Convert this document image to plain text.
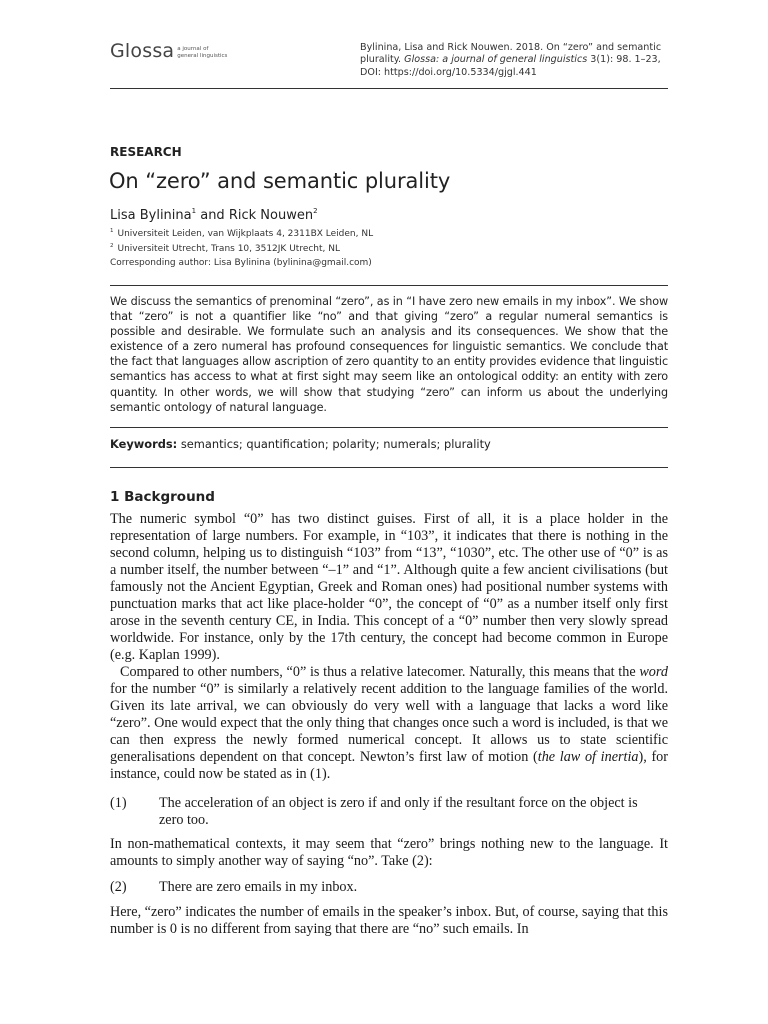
Glossa a journal of
general linguistics
Bylinina, Lisa and Rick Nouwen. 2018. On “zero” and semantic
plurality. Glossa: a journal of general linguistics 3(1): 98. 1–23,
DOI: https://doi.org/10.5334/gjgl.441
RESEARCH
On “zero” and semantic plurality
Lisa Bylinina$^1$ and Rick Nouwen$^2$
$^1$ Universiteit Leiden, van Wijkplaats 4, 2311BX Leiden, NL
$^2$ Universiteit Utrecht, Trans 10, 3512JK Utrecht, NL
Corresponding author: Lisa Bylinina (bylinina@gmail.com)
We discuss the semantics of prenominal “zero”, as in “I have zero new emails in my inbox”. We show that “zero” is not a quantifier like “no” and that giving “zero” a regular numeral semantics is possible and desirable. We formulate such an analysis and its consequences. We show that the existence of a zero numeral has profound consequences for linguistic semantics. We conclude that the fact that languages allow ascription of zero quantity to an entity provides evidence that linguistic semantics has access to what at first sight may seem like an ontological oddity: an entity with zero quantity. In other words, we will show that studying “zero” can inform us about the underlying semantic ontology of natural language.
Keywords: semantics; quantification; polarity; numerals; plurality
1 Background

The numeric symbol “0” has two distinct guises. First of all, it is a place holder in the representation of large numbers. For example, in “103”, it indicates that there is nothing in the second column, helping us to distinguish “103” from “13”, “1030”, etc. The other use of “0” is as a number itself, the number between “–1” and “1”. Although quite a few ancient civilisations (but famously not the Ancient Egyptian, Greek and Roman ones) had positional number systems with punctuation marks that act like place-holder “0”, the concept of “0” as a number itself only first arose in the seventh century CE, in India. This concept of a “0” number then very slowly spread worldwide. For instance, only by the 17th century, the concept had become common in Europe (e.g. Kaplan 1999).

Compared to other numbers, “0” is thus a relative latecomer. Naturally, this means that the word for the number “0” is similarly a relatively recent addition to the language families of the world. Given its late arrival, we can obviously do very well with a language that lacks a word like “zero”. One would expect that the only thing that changes once such a word is included, is that we can then express the newly formed numerical concept. It allows us to state scientific generalisations dependent on that concept. Newton’s first law of motion (the law of inertia), for instance, could now be stated as in (1).

(1) The acceleration of an object is zero if and only if the resultant force on the object is zero too.

In non-mathematical contexts, it may seem that “zero” brings nothing new to the language. It amounts to simply another way of saying “no”. Take (2):

(2) There are zero emails in my inbox.

Here, “zero” indicates the number of emails in the speaker’s inbox. But, of course, saying that this number is 0 is no different from saying that there are “no” such emails. In
